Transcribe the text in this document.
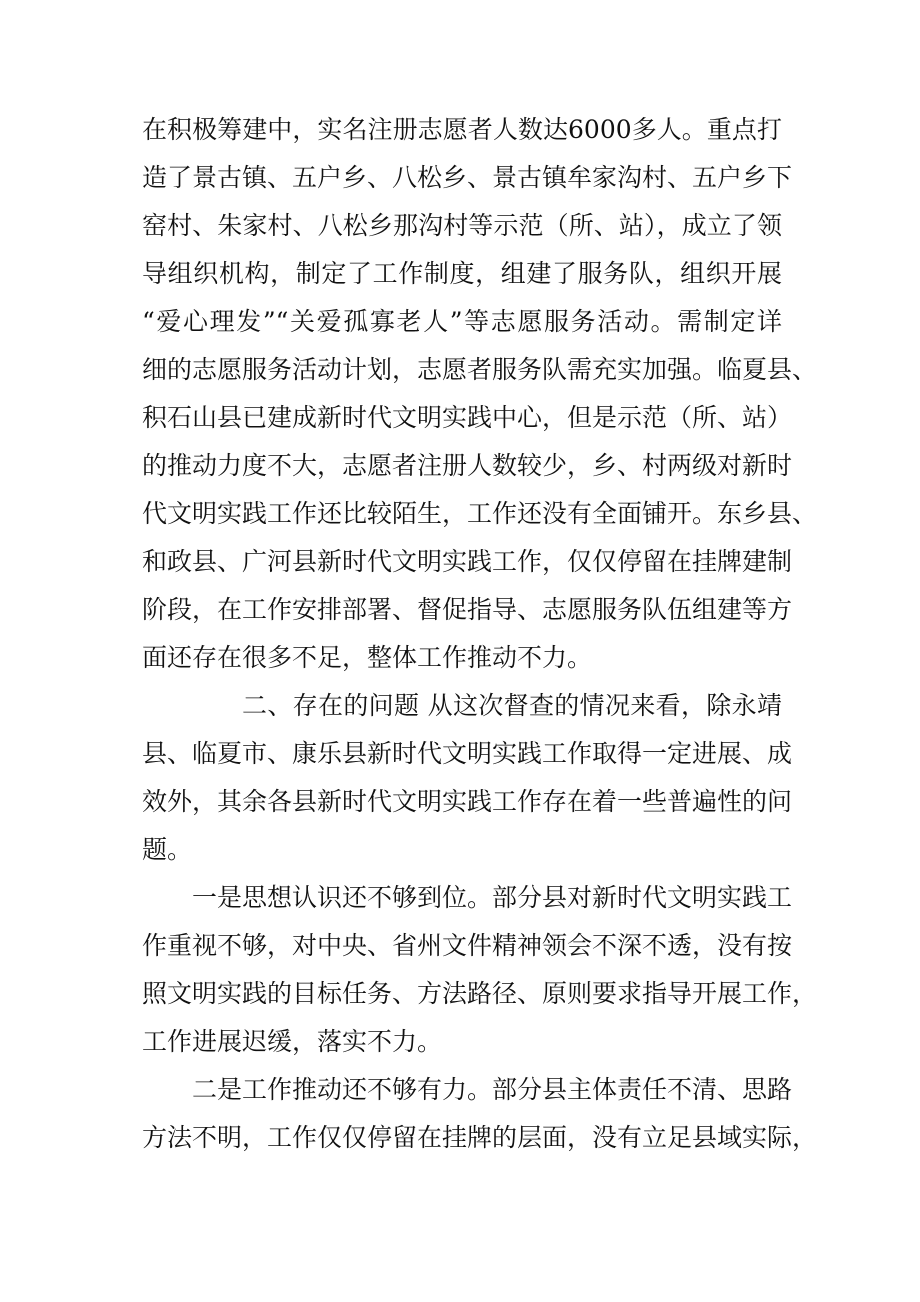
在积极筹建中，实名注册志愿者人数达6000多人。重点打
造了景古镇、五户乡、八松乡、景古镇牟家沟村、五户乡下
窑村、朱家村、八松乡那沟村等示范（所、站），成立了领
导组织机构，制定了工作制度，组建了服务队，组织开展
“爱心理发”“关爱孤寡老人”等志愿服务活动。需制定详
细的志愿服务活动计划，志愿者服务队需充实加强。临夏县、
积石山县已建成新时代文明实践中心，但是示范（所、站）
的推动力度不大，志愿者注册人数较少，乡、村两级对新时
代文明实践工作还比较陌生，工作还没有全面铺开。东乡县、
和政县、广河县新时代文明实践工作，仅仅停留在挂牌建制
阶段，在工作安排部署、督促指导、志愿服务队伍组建等方
面还存在很多不足，整体工作推动不力。
二、存在的问题 从这次督查的情况来看，除永靖
县、临夏市、康乐县新时代文明实践工作取得一定进展、成
效外，其余各县新时代文明实践工作存在着一些普遍性的问
题。
一是思想认识还不够到位。部分县对新时代文明实践工
作重视不够，对中央、省州文件精神领会不深不透，没有按
照文明实践的目标任务、方法路径、原则要求指导开展工作，
工作进展迟缓，落实不力。
二是工作推动还不够有力。部分县主体责任不清、思路
方法不明，工作仅仅停留在挂牌的层面，没有立足县域实际，
